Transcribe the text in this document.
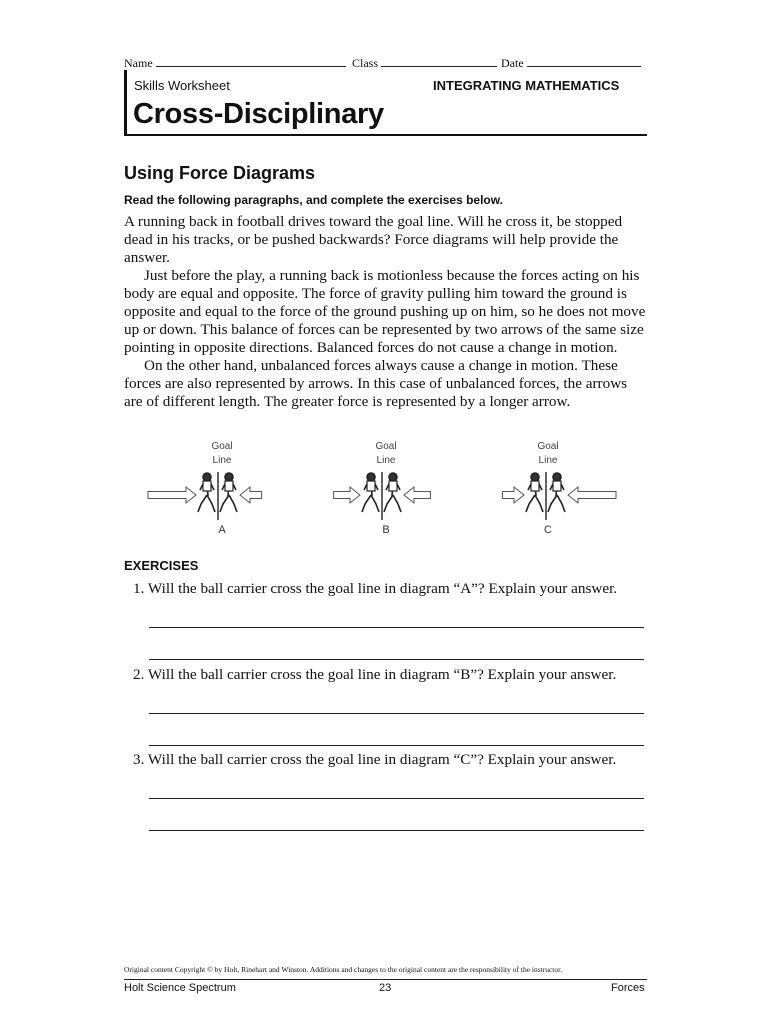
Name	Class	Date
Skills Worksheet	INTEGRATING MATHEMATICS
Cross-Disciplinary
Using Force Diagrams
Read the following paragraphs, and complete the exercises below.

A running back in football drives toward the goal line. Will he cross it, be stopped dead in his tracks, or be pushed backwards? Force diagrams will help provide the answer.

Just before the play, a running back is motionless because the forces acting on his body are equal and opposite. The force of gravity pulling him toward the ground is opposite and equal to the force of the ground pushing up on him, so he does not move up or down. This balance of forces can be represented by two arrows of the same size pointing in opposite directions. Balanced forces do not cause a change in motion.

On the other hand, unbalanced forces always cause a change in motion. These forces are also represented by arrows. In this case of unbalanced forces, the arrows are of different length. The greater force is represented by a longer arrow.

Goal
Line
A
Goal
Line
B
Goal
Line
C
EXERCISES
1. Will the ball carrier cross the goal line in diagram “A”? Explain your answer.
2. Will the ball carrier cross the goal line in diagram “B”? Explain your answer.
3. Will the ball carrier cross the goal line in diagram “C”? Explain your answer.
Original content Copyright © by Holt, Rinehart and Winston. Additions and changes to the original content are the responsibility of the instructor.
Holt Science Spectrum	23	Forces
